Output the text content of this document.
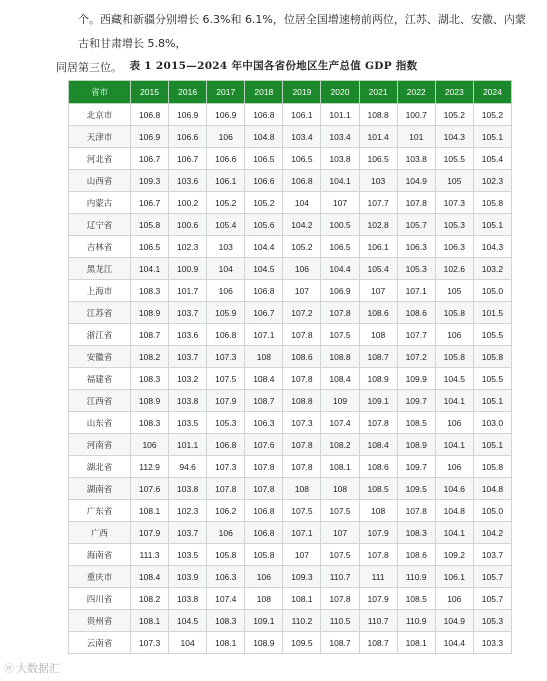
个。西藏和新疆分别增长 6.3%和 6.1%，位居全国增速榜前两位，江苏、湖北、安徽、内蒙古和甘肃增长 5.8%，
同居第三位。 表 1 2015—2024 年中国各省份地区生产总值 GDP 指数
省市	2015	2016	2017	2018	2019	2020	2021	2022	2023	2024
北京市	106.8	106.9	106.9	106.8	106.1	101.1	108.8	100.7	105.2	105.2
天津市	106.9	106.6	106	104.8	103.4	103.4	101.4	101	104.3	105.1
河北省	106.7	106.7	106.6	106.5	106.5	103.8	106.5	103.8	105.5	105.4
山西省	109.3	103.6	106.1	106.6	106.8	104.1	103	104.9	105	102.3
内蒙古	106.7	100.2	105.2	105.2	104	107	107.7	107.8	107.3	105.8
辽宁省	105.8	100.6	105.4	105.6	104.2	100.5	102.8	105.7	105.3	105.1
吉林省	106.5	102.3	103	104.4	105.2	106.5	106.1	106.3	106.3	104.3
黑龙江	104.1	100.9	104	104.5	106	104.4	105.4	105.3	102.6	103.2
上海市	108.3	101.7	106	106.8	107	106.9	107	107.1	105	105.0
江苏省	108.9	103.7	105.9	106.7	107.2	107.8	108.6	108.6	105.8	101.5
浙江省	108.7	103.6	106.8	107.1	107.8	107.5	108	107.7	106	105.5
安徽省	108.2	103.7	107.3	108	108.6	108.8	108.7	107.2	105.8	105.8
福建省	108.3	103.2	107.5	108.4	107.8	108.4	108.9	109.9	104.5	105.5
江西省	108.9	103.8	107.9	108.7	108.8	109	109.1	109.7	104.1	105.1
山东省	108.3	103.5	105.3	106.3	107.3	107.4	107.8	108.5	106	103.0
河南省	106	101.1	106.8	107.6	107.8	108.2	108.4	108.9	104.1	105.1
湖北省	112.9	94.6	107.3	107.8	107.8	108.1	108.6	109.7	106	105.8
湖南省	107.6	103.8	107.8	107.8	108	108	108.5	109.5	104.6	104.8
广东省	108.1	102.3	106.2	106.8	107.5	107.5	108	107.8	104.8	105.0
广西	107.9	103.7	106	106.8	107.1	107	107.9	108.3	104.1	104.2
海南省	111.3	103.5	105.8	105.8	107	107.5	107.8	108.6	109.2	103.7
重庆市	108.4	103.9	106.3	106	109.3	110.7	111	110.9	106.1	105.7
四川省	108.2	103.8	107.4	108	108.1	107.8	107.9	108.5	106	105.7
贵州省	108.1	104.5	108.3	109.1	110.2	110.5	110.7	110.9	104.9	105.3
云南省	107.3	104	108.1	108.9	109.5	108.7	108.7	108.1	104.4	103.3
ⓦ 大数据汇
